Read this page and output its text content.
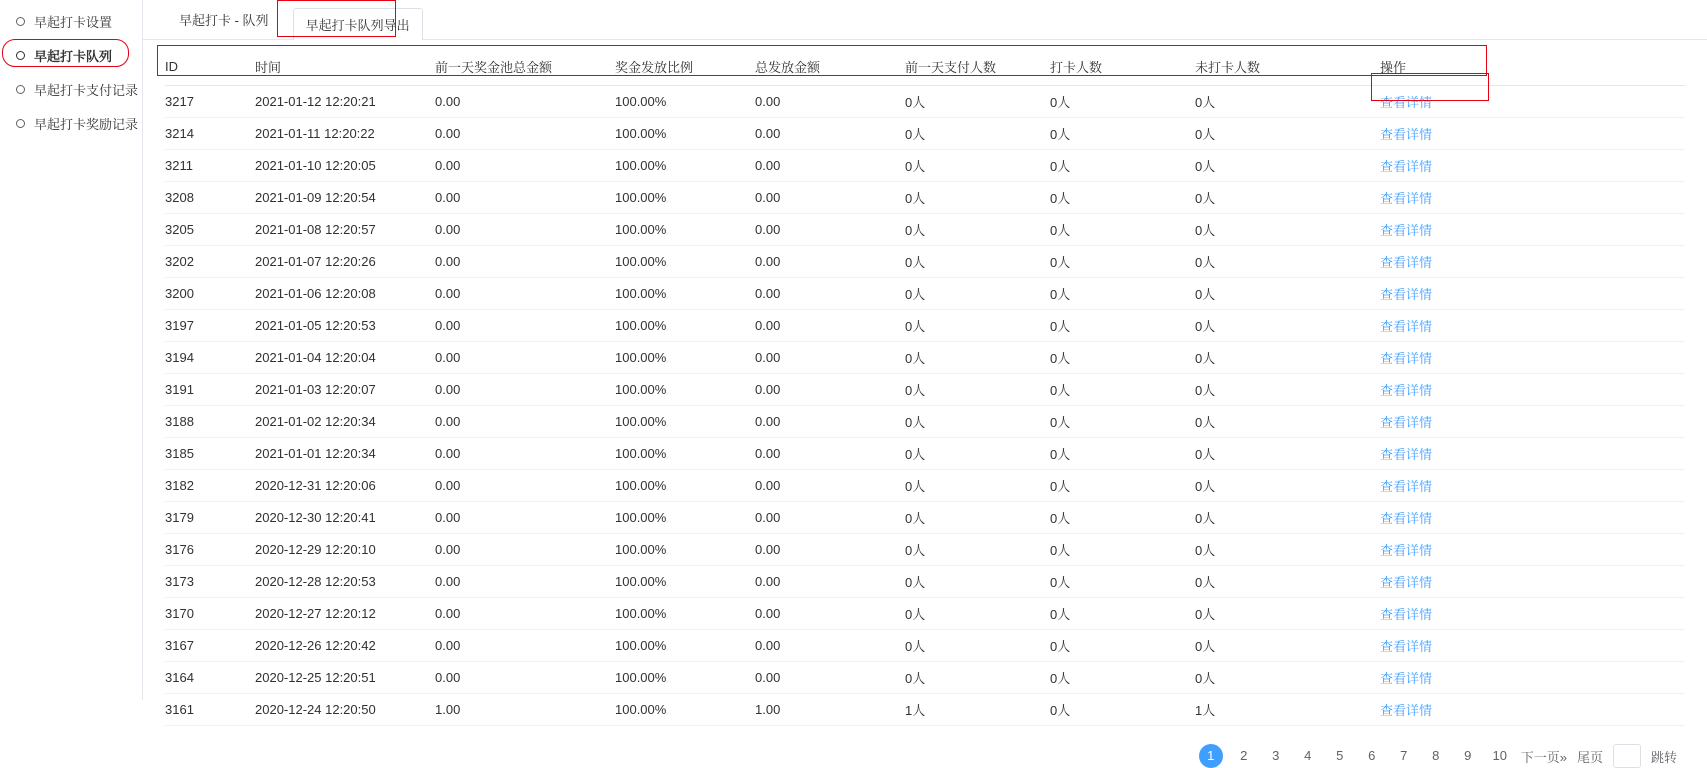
早起打卡设置
早起打卡队列
早起打卡支付记录
早起打卡奖励记录
早起打卡 - 队列	早起打卡队列导出
ID	时间	前一天奖金池总金额	奖金发放比例	总发放金额	前一天支付人数	打卡人数	未打卡人数	操作
3217	2021-01-12 12:20:21	0.00	100.00%	0.00	0人	0人	0人	查看详情
3214	2021-01-11 12:20:22	0.00	100.00%	0.00	0人	0人	0人	查看详情
3211	2021-01-10 12:20:05	0.00	100.00%	0.00	0人	0人	0人	查看详情
3208	2021-01-09 12:20:54	0.00	100.00%	0.00	0人	0人	0人	查看详情
3205	2021-01-08 12:20:57	0.00	100.00%	0.00	0人	0人	0人	查看详情
3202	2021-01-07 12:20:26	0.00	100.00%	0.00	0人	0人	0人	查看详情
3200	2021-01-06 12:20:08	0.00	100.00%	0.00	0人	0人	0人	查看详情
3197	2021-01-05 12:20:53	0.00	100.00%	0.00	0人	0人	0人	查看详情
3194	2021-01-04 12:20:04	0.00	100.00%	0.00	0人	0人	0人	查看详情
3191	2021-01-03 12:20:07	0.00	100.00%	0.00	0人	0人	0人	查看详情
3188	2021-01-02 12:20:34	0.00	100.00%	0.00	0人	0人	0人	查看详情
3185	2021-01-01 12:20:34	0.00	100.00%	0.00	0人	0人	0人	查看详情
3182	2020-12-31 12:20:06	0.00	100.00%	0.00	0人	0人	0人	查看详情
3179	2020-12-30 12:20:41	0.00	100.00%	0.00	0人	0人	0人	查看详情
3176	2020-12-29 12:20:10	0.00	100.00%	0.00	0人	0人	0人	查看详情
3173	2020-12-28 12:20:53	0.00	100.00%	0.00	0人	0人	0人	查看详情
3170	2020-12-27 12:20:12	0.00	100.00%	0.00	0人	0人	0人	查看详情
3167	2020-12-26 12:20:42	0.00	100.00%	0.00	0人	0人	0人	查看详情
3164	2020-12-25 12:20:51	0.00	100.00%	0.00	0人	0人	0人	查看详情
3161	2020-12-24 12:20:50	1.00	100.00%	1.00	1人	0人	1人	查看详情
1	2	3	4	5	6	7	8	9	10 下一页» 尾页	跳转
